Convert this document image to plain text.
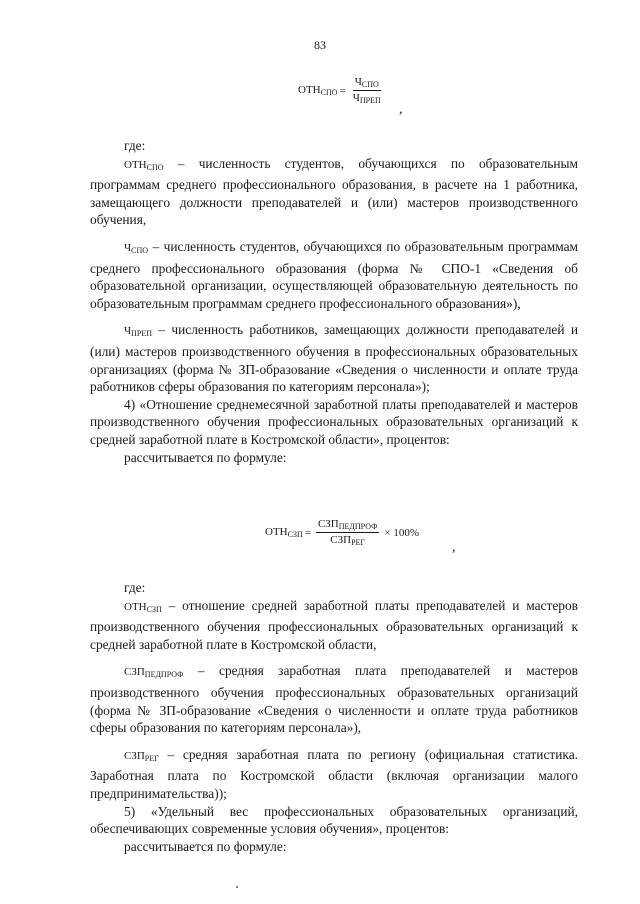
83
$ОТН_{СПО} = \frac{Ч_{СПО}}{Ч_{ПРЕП}}$
,

где:

$ОТН_{СПО}$ – численность студентов, обучающихся по образовательным программам среднего профессионального образования, в расчете на 1 работника, замещающего должности преподавателей и (или) мастеров производственного обучения,

$Ч_{СПО}$ – численность студентов, обучающихся по образовательным программам среднего профессионального образования (форма № СПО-1 «Сведения об образовательной организации, осуществляющей образовательную деятельность по образовательным программам среднего профессионального образования»),

$Ч_{ПРЕП}$ – численность работников, замещающих должности преподавателей и (или) мастеров производственного обучения в профессиональных образовательных организациях (форма № ЗП-образование «Сведения о численности и оплате труда работников сферы образования по категориям персонала»);

4) «Отношение среднемесячной заработной платы преподавателей и мастеров производственного обучения профессиональных образовательных организаций к средней заработной плате в Костромской области», процентов:

рассчитывается по формуле:

$ОТН_{СЗП} = \frac{СЗП_{ПЕДПРОФ}}{СЗП_{РЕГ}} \times 100\%$
,

где:

$ОТН_{СЗП}$ – отношение средней заработной платы преподавателей и мастеров производственного обучения профессиональных образовательных организаций к средней заработной плате в Костромской области,

$СЗП_{ПЕДПРОФ}$ – средняя заработная плата преподавателей и мастеров производственного обучения профессиональных образовательных организаций (форма № ЗП-образование «Сведения о численности и оплате труда работников сферы образования по категориям персонала»),

$СЗП_{РЕГ}$ – средняя заработная плата по региону (официальная статистика. Заработная плата по Костромской области (включая организации малого предпринимательства));

5) «Удельный вес профессиональных образовательных организаций, обеспечивающих современные условия обучения», процентов:

рассчитывается по формуле:
